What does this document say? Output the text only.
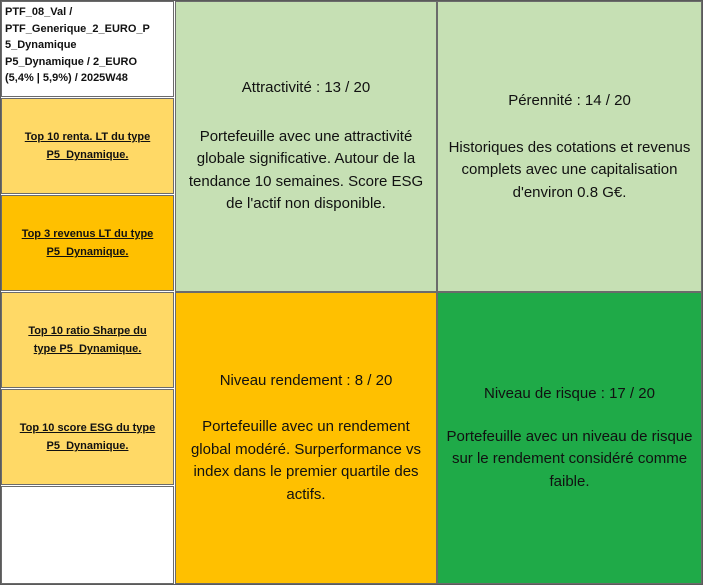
PTF_08_Val /
PTF_Generique_2_EURO_P
5_Dynamique
P5_Dynamique / 2_EURO
(5,4% | 5,9%) / 2025W48
Top 10 renta. LT du type
P5_Dynamique.
Top 3 revenus LT du type
P5_Dynamique.
Top 10 ratio Sharpe du
type P5_Dynamique.
Top 10 score ESG du type
P5_Dynamique.
Attractivité : 13 / 20
Portefeuille avec une attractivité globale significative. Autour de la tendance 10 semaines. Score ESG de l'actif non disponible.
Pérennité : 14 / 20
Historiques des cotations et revenus complets avec une capitalisation d'environ 0.8 G€.
Niveau rendement : 8 / 20
Portefeuille avec un rendement global modéré. Surperformance vs index dans le premier quartile des actifs.
Niveau de risque : 17 / 20
Portefeuille avec un niveau de risque sur le rendement considéré comme faible.
